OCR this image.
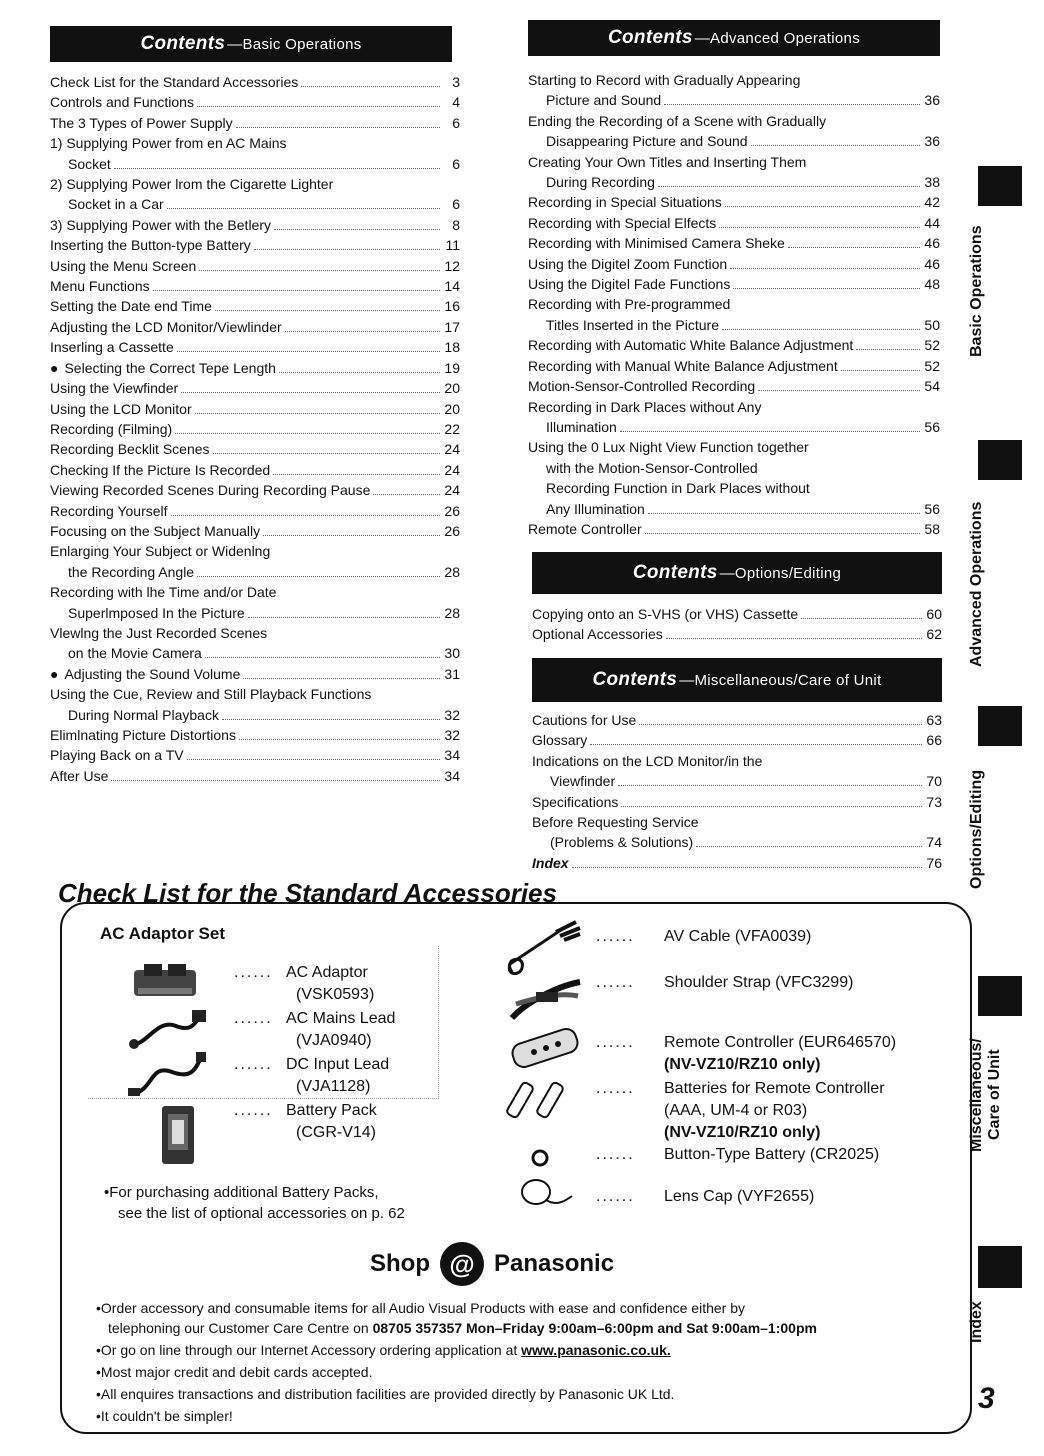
Contents —Basic Operations
Check List for the Standard Accessories	3
Controls and Functions	4
The 3 Types of Power Supply	6
1) Supplying Power from en AC Mains
Socket	6
2) Supplying Power lrom the Cigarette Lighter
Socket in a Car	6
3) Supplying Power with the Betlery	8
Inserting the Button-type Battery	11
Using the Menu Screen	12
Menu Functions	14
Setting the Date end Time	16
Adjusting the LCD Monitor/Viewlinder	17
Inserling a Cassette	18
● Selecting the Correct Tepe Length	19
Using the Viewfinder	20
Using the LCD Monitor	20
Recording (Filming)	22
Recording Becklit Scenes	24
Checking If the Picture Is Recorded	24
Viewing Recorded Scenes During Recording Pause	24
Recording Yourself	26
Focusing on the Subject Manually	26
Enlarging Your Subject or Widenlng
the Recording Angle	28
Recording with lhe Time and/or Date
Superlmposed In the Picture	28
Vlewlng the Just Recorded Scenes
on the Movie Camera	30
● Adjusting the Sound Volume	31
Using the Cue, Review and Still Playback Functions
During Normal Playback	32
Elimlnating Picture Distortions	32
Playing Back on a TV	34
After Use	34
Contents —Advanced Operations
Starting to Record with Gradually Appearing
Picture and Sound	36
Ending the Recording of a Scene with Gradually
Disappearing Picture and Sound	36
Creating Your Own Titles and Inserting Them
During Recording	38
Recording in Special Situations	42
Recording with Special Elfects	44
Recording with Minimised Camera Sheke	46
Using the Digitel Zoom Function	46
Using the Digitel Fade Functions	48
Recording with Pre-programmed
Titles Inserted in the Picture	50
Recording with Automatic White Balance Adjustment	52
Recording with Manual White Balance Adjustment	52
Motion-Sensor-Controlled Recording	54
Recording in Dark Places without Any
Illumination	56
Using the 0 Lux Night View Function together
with the Motion-Sensor-Controlled
Recording Function in Dark Places without
Any Illumination	56
Remote Controller	58
Contents —Options/Editing
Copying onto an S-VHS (or VHS) Cassette	60
Optional Accessories	62
Contents —Miscellaneous/Care of Unit
Cautions for Use	63
Glossary	66
Indications on the LCD Monitor/in the
Viewfinder	70
Specifications	73
Before Requesting Service
(Problems & Solutions)	74
Index	76
Basic Operations
Advanced Operations
Options/Editing
Miscellaneous/
Care of Unit
Index
3
Check List for the Standard Accessories
AC Adaptor Set
...... AC Adaptor
(VSK0593)
...... AC Mains Lead
(VJA0940)
...... DC Input Lead
(VJA1128)
...... Battery Pack
(CGR-V14)
...... AV Cable (VFA0039)
...... Shoulder Strap (VFC3299)
...... Remote Controller (EUR646570)
(NV-VZ10/RZ10 only)
...... Batteries for Remote Controller
(AAA, UM-4 or R03)
(NV-VZ10/RZ10 only)
...... Button-Type Battery (CR2025)
...... Lens Cap (VYF2655)
•For purchasing additional Battery Packs,
see the list of optional accessories on p. 62
Shop @ Panasonic
•Order accessory and consumable items for all Audio Visual Products with ease and confidence either by
telephoning our Customer Care Centre on 08705 357357 Mon–Friday 9:00am–6:00pm and Sat 9:00am–1:00pm
•Or go on line through our Internet Accessory ordering application at www.panasonic.co.uk.
•Most major credit and debit cards accepted.
•All enquires transactions and distribution facilities are provided directly by Panasonic UK Ltd.
•It couldn't be simpler!
